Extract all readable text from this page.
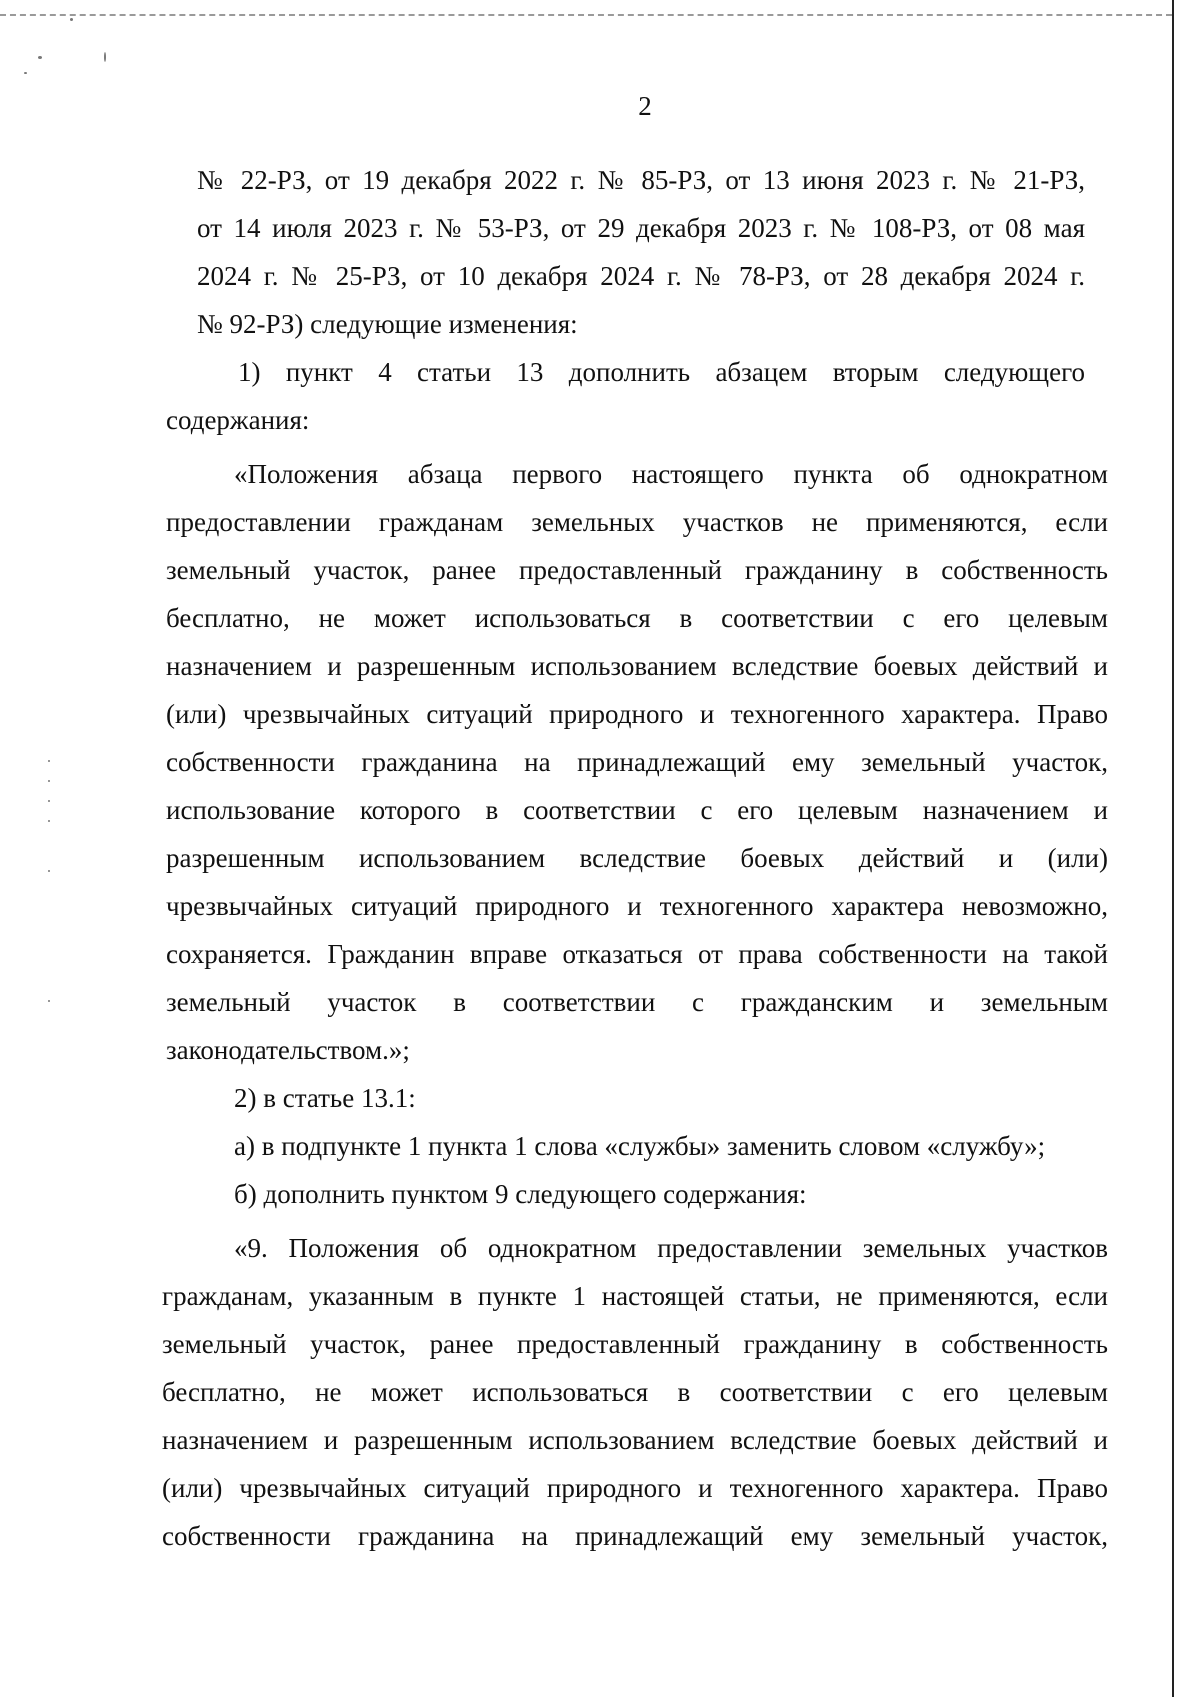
2
№ 22-РЗ, от 19 декабря 2022 г. № 85-РЗ, от 13 июня 2023 г. № 21-РЗ,
от 14 июля 2023 г. № 53-РЗ, от 29 декабря 2023 г. № 108-РЗ, от 08 мая
2024 г. № 25-РЗ, от 10 декабря 2024 г. № 78-РЗ, от 28 декабря 2024 г.
№ 92-РЗ) следующие изменения:
1) пункт 4 статьи 13 дополнить абзацем вторым следующего
содержания:
«Положения абзаца первого настоящего пункта об однократном
предоставлении гражданам земельных участков не применяются, если
земельный участок, ранее предоставленный гражданину в собственность
бесплатно, не может использоваться в соответствии с его целевым
назначением и разрешенным использованием вследствие боевых действий и
(или) чрезвычайных ситуаций природного и техногенного характера. Право
собственности гражданина на принадлежащий ему земельный участок,
использование которого в соответствии с его целевым назначением и
разрешенным использованием вследствие боевых действий и (или)
чрезвычайных ситуаций природного и техногенного характера невозможно,
сохраняется. Гражданин вправе отказаться от права собственности на такой
земельный участок в соответствии с гражданским и земельным
законодательством.»;
2) в статье 13.1:
а) в подпункте 1 пункта 1 слова «службы» заменить словом «службу»;
б) дополнить пунктом 9 следующего содержания:
«9. Положения об однократном предоставлении земельных участков
гражданам, указанным в пункте 1 настоящей статьи, не применяются, если
земельный участок, ранее предоставленный гражданину в собственность
бесплатно, не может использоваться в соответствии с его целевым
назначением и разрешенным использованием вследствие боевых действий и
(или) чрезвычайных ситуаций природного и техногенного характера. Право
собственности гражданина на принадлежащий ему земельный участок,
